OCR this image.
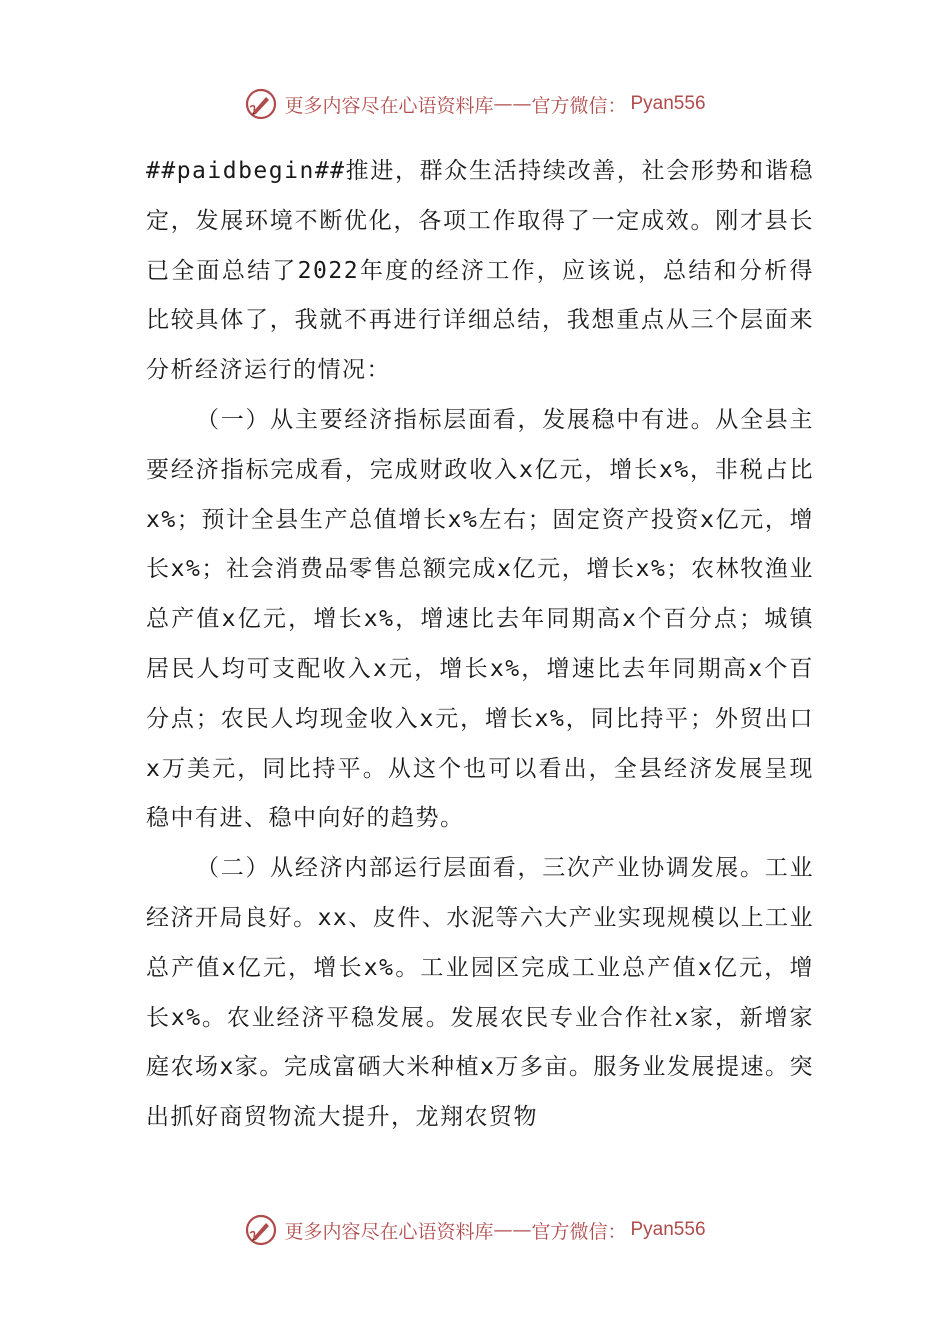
更多内容尽在心语资料库 —— 官方微信： Pyan556

##paidbegin##推进，群众生活持续改善，社会形势和谐稳定，发展环境不断优化，各项工作取得了一定成效。刚才县长已全面总结了2022年度的经济工作，应该说，总结和分析得比较具体了，我就不再进行详细总结，我想重点从三个层面来分析经济运行的情况：

（一）从主要经济指标层面看，发展稳中有进。从全县主要经济指标完成看，完成财政收入x亿元，增长x%，非税占比x%；预计全县生产总值增长x%左右；固定资产投资x亿元，增长x%；社会消费品零售总额完成x亿元，增长x%；农林牧渔业总产值x亿元，增长x%，增速比去年同期高x个百分点；城镇居民人均可支配收入x元，增长x%，增速比去年同期高x个百分点；农民人均现金收入x元，增长x%，同比持平；外贸出口x万美元，同比持平。从这个也可以看出，全县经济发展呈现稳中有进、稳中向好的趋势。

（二）从经济内部运行层面看，三次产业协调发展。工业经济开局良好。xx、皮件、水泥等六大产业实现规模以上工业总产值x亿元，增长x%。工业园区完成工业总产值x亿元，增长x%。农业经济平稳发展。发展农民专业合作社x家，新增家庭农场x家。完成富硒大米种植x万多亩。服务业发展提速。突出抓好商贸物流大提升，龙翔农贸物

更多内容尽在心语资料库 —— 官方微信： Pyan556
